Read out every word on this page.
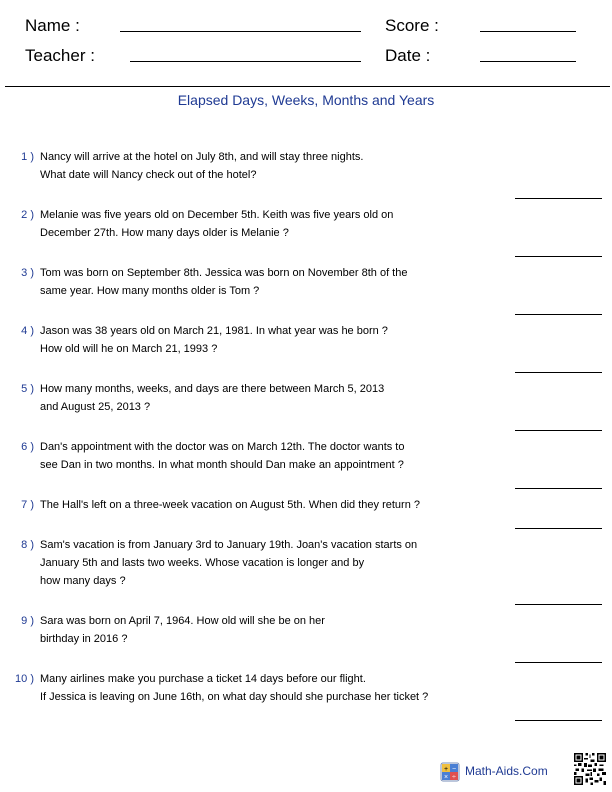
Name :	Score :
Teacher :	Date :
Elapsed Days, Weeks, Months and Years
1 ) Nancy will arrive at the hotel on July 8th, and will stay three nights.
What date will Nancy check out of the hotel?
2 ) Melanie was five years old on December 5th. Keith was five years old on
December 27th. How many days older is Melanie ?
3 ) Tom was born on September 8th. Jessica was born on November 8th of the
same year. How many months older is Tom ?
4 ) Jason was 38 years old on March 21, 1981. In what year was he born ?
How old will he on March 21, 1993 ?
5 ) How many months, weeks, and days are there between March 5, 2013
and August 25, 2013 ?
6 ) Dan's appointment with the doctor was on March 12th. The doctor wants to
see Dan in two months. In what month should Dan make an appointment ?
7 ) The Hall's left on a three-week vacation on August 5th. When did they return ?
8 ) Sam's vacation is from January 3rd to January 19th. Joan's vacation starts on
January 5th and lasts two weeks. Whose vacation is longer and by
how many days ?
9 ) Sara was born on April 7, 1964. How old will she be on her
birthday in 2016 ?
10 ) Many airlines make you purchase a ticket 14 days before our flight.
If Jessica is leaving on June 16th, on what day should she purchase her ticket ?
+ −
× ÷ Math-Aids.Com
